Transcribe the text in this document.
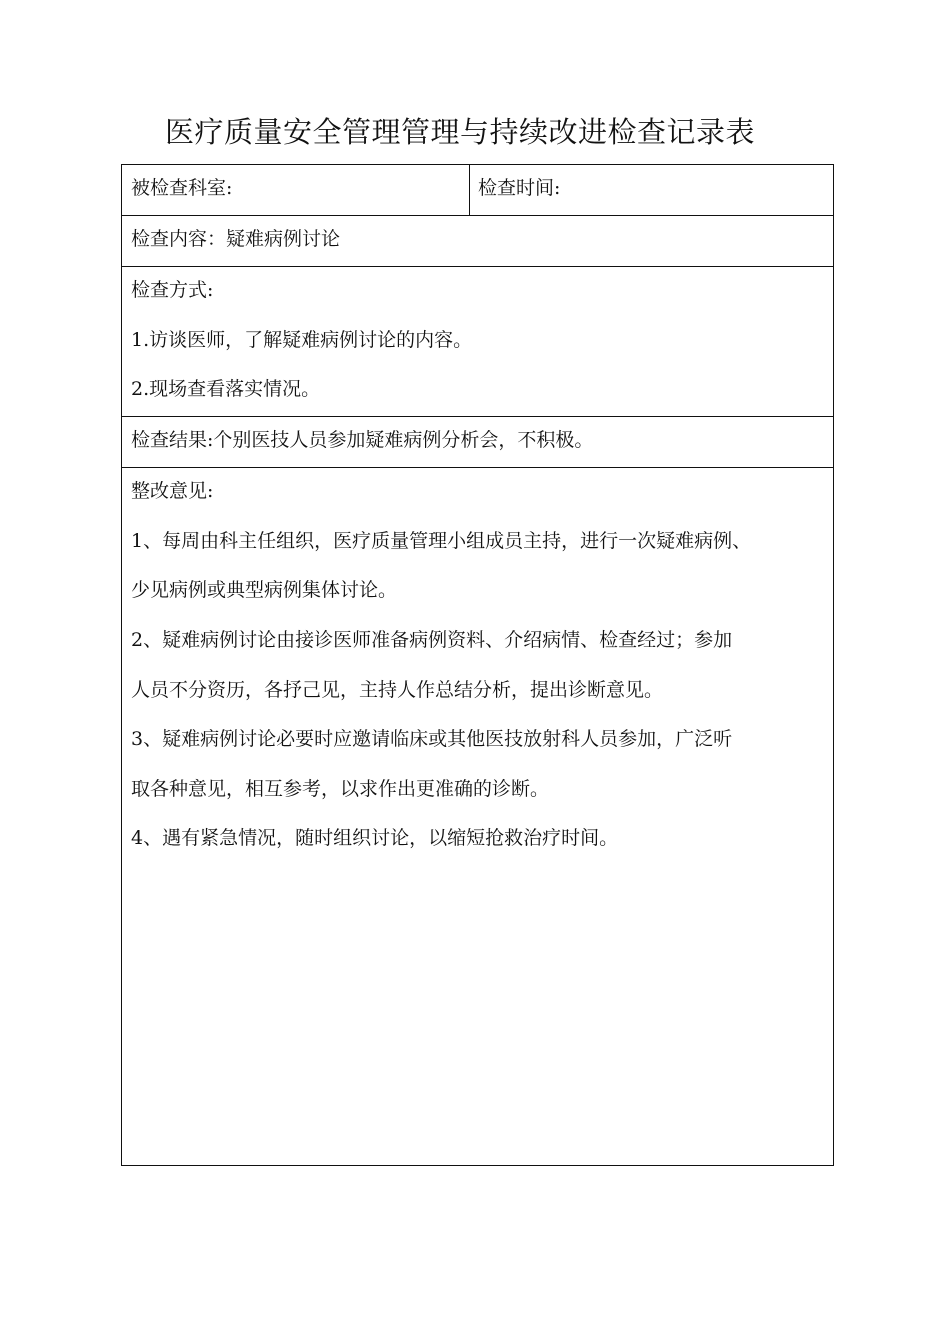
医疗质量安全管理管理与持续改进检查记录表
被检查科室:	检查时间:
检查内容：疑难病例讨论
检查方式:
1.访谈医师，了解疑难病例讨论的内容。
2.现场查看落实情况。
检查结果:个别医技人员参加疑难病例分析会，不积极。
整改意见:
1、每周由科主任组织，医疗质量管理小组成员主持，进行一次疑难病例、
少见病例或典型病例集体讨论。
2、疑难病例讨论由接诊医师准备病例资料、介绍病情、检查经过；参加
人员不分资历，各抒己见，主持人作总结分析，提出诊断意见。
3、疑难病例讨论必要时应邀请临床或其他医技放射科人员参加，广泛听
取各种意见，相互参考，以求作出更准确的诊断。
4、遇有紧急情况，随时组织讨论，以缩短抢救治疗时间。
